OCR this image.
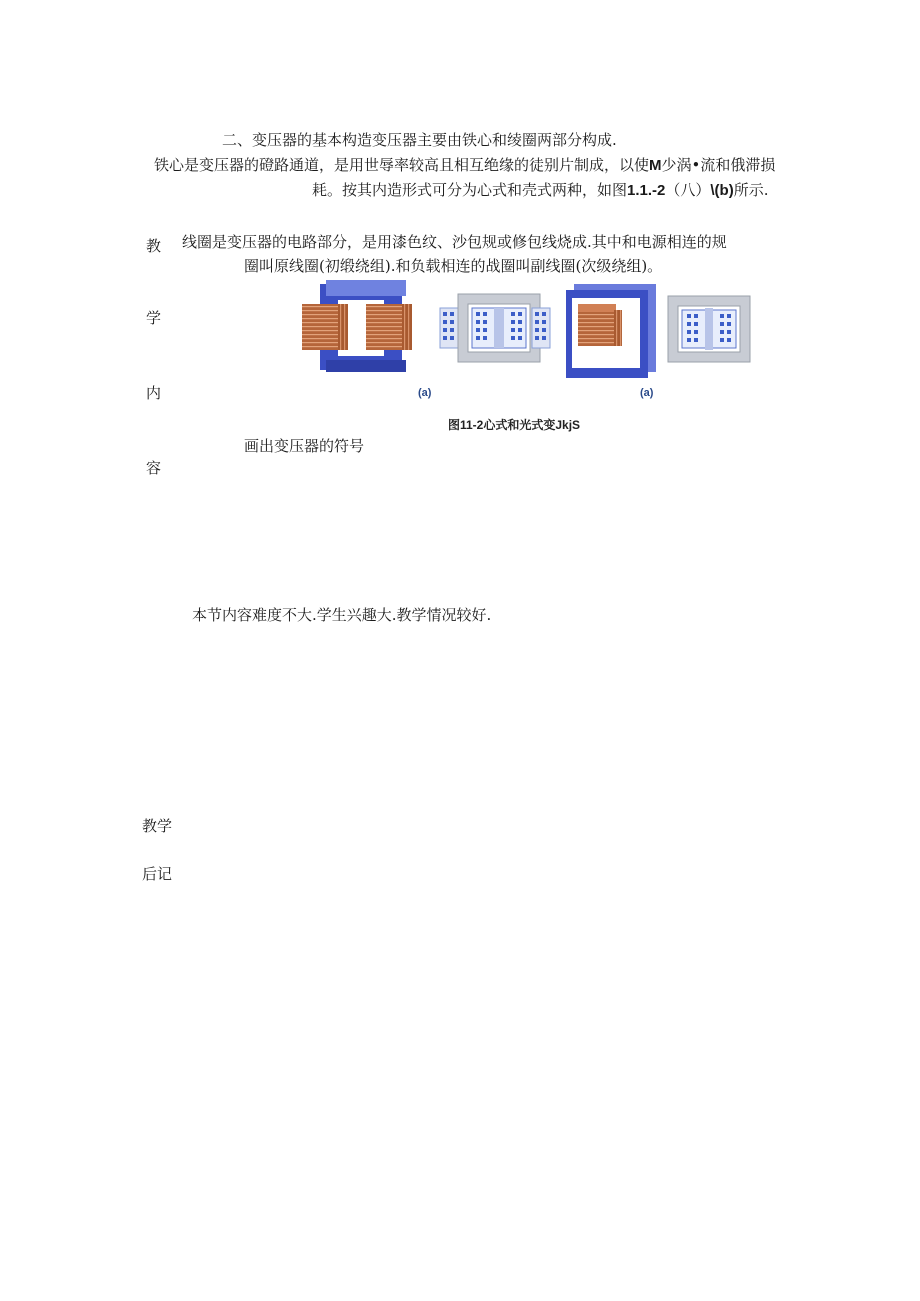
二、变压器的基本构造变压器主要由铁心和绫圈两部分构成.
铁心是变压器的磴路通道，是用世辱率较高且相互绝缘的徒别片制成，以使M少涡•流和俄滞损
耗。按其内造形式可分为心式和壳式两种，如图1.1.-2（八）\(b)所示.
线圈是变压器的电路部分，是用漆色纹、沙包规或修包线烧成.其中和电源相连的规
圈叫原线圈(初缎绕组).和负载相连的战圈叫副线圈(次级绕组)。
教
学
内
容
(a)	(a)
图11-2心式和光式变JkjS
画出变压器的符号
本节内容难度不大.学生兴趣大.教学情况较好.
教学
后记
